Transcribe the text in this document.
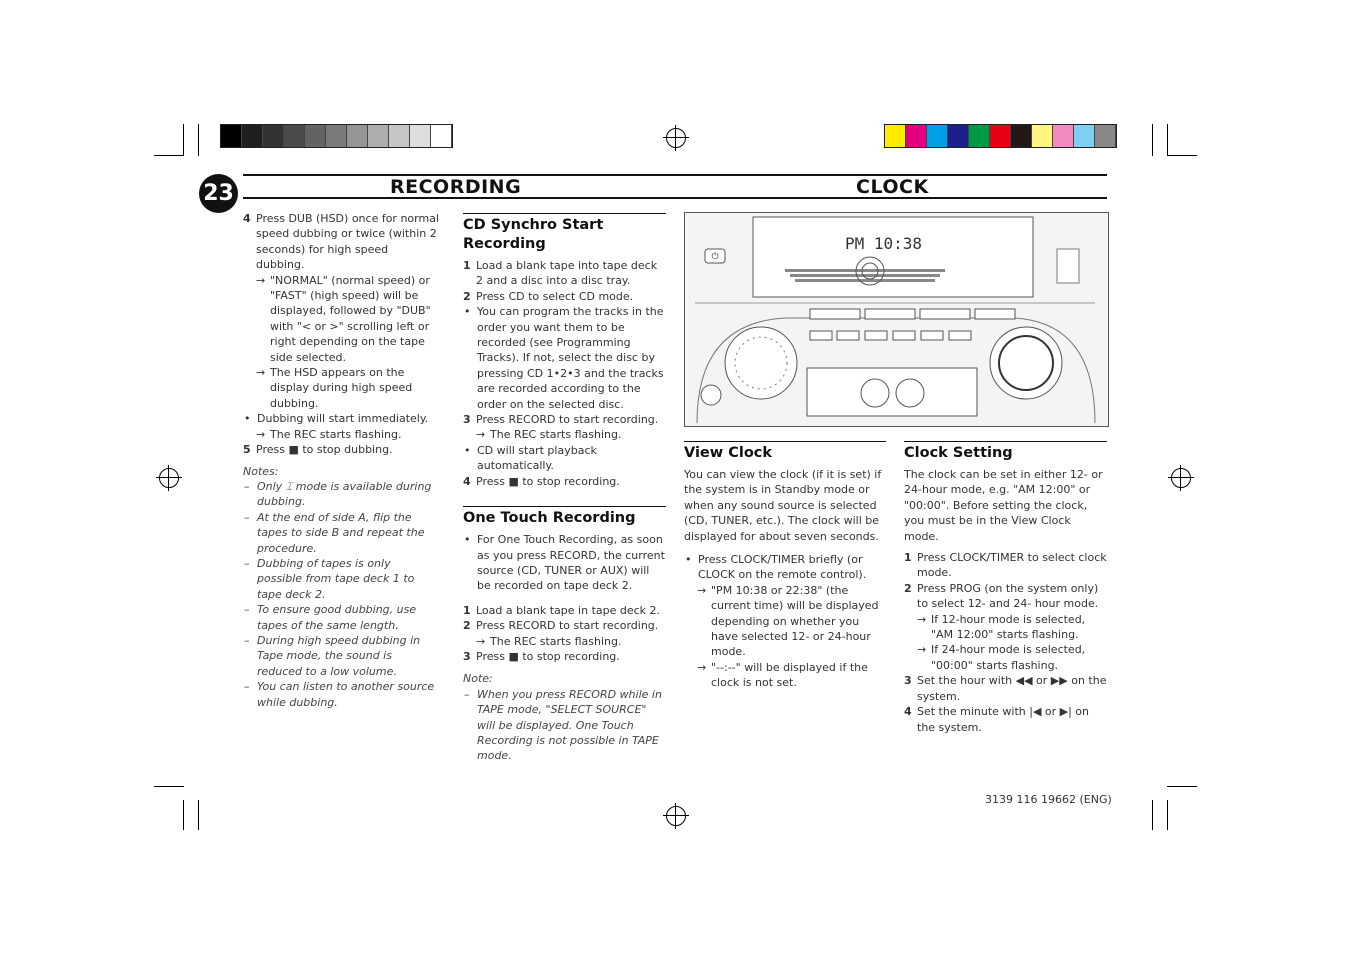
23	RECORDING	CLOCK
4 Press DUB (HSD) once for normal speed dubbing or twice (within 2 seconds) for high speed dubbing.

→ "NORMAL" (normal speed) or "FAST" (high speed) will be displayed, followed by "DUB" with "< or >" scrolling left or right depending on the tape side selected.

→ The HSD appears on the display during high speed dubbing.

• Dubbing will start immediately.

→ The REC starts flashing.

5 Press ■ to stop dubbing.

Notes:

– Only ⌶ mode is available during dubbing.

– At the end of side A, flip the tapes to side B and repeat the procedure.

– Dubbing of tapes is only possible from tape deck 1 to tape deck 2.

– To ensure good dubbing, use tapes of the same length.

– During high speed dubbing in Tape mode, the sound is reduced to a low volume.

– You can listen to another source while dubbing.

CD Synchro Start Recording
1 Load a blank tape into tape deck 2 and a disc into a disc tray.

2 Press CD to select CD mode.

• You can program the tracks in the order you want them to be recorded (see Programming Tracks). If not, select the disc by pressing CD 1•2•3 and the tracks are recorded according to the order on the selected disc.

3 Press RECORD to start recording.

→ The REC starts flashing.

• CD will start playback automatically.

4 Press ■ to stop recording.

One Touch Recording
• For One Touch Recording, as soon as you press RECORD, the current source (CD, TUNER or AUX) will be recorded on tape deck 2.

1 Load a blank tape in tape deck 2.

2 Press RECORD to start recording.

→ The REC starts flashing.

3 Press ■ to stop recording.

Note:

– When you press RECORD while in TAPE mode, "SELECT SOURCE" will be displayed. One Touch Recording is not possible in TAPE mode.

⏻
PM 10:38
View Clock

You can view the clock (if it is set) if the system is in Standby mode or when any sound source is selected (CD, TUNER, etc.). The clock will be displayed for about seven seconds.

• Press CLOCK/TIMER briefly (or CLOCK on the remote control).

→ "PM 10:38 or 22:38" (the current time) will be displayed depending on whether you have selected 12- or 24-hour mode.

→ "--:--" will be displayed if the clock is not set.

Clock Setting

The clock can be set in either 12- or 24-hour mode, e.g. "AM 12:00" or "00:00". Before setting the clock, you must be in the View Clock mode.

1 Press CLOCK/TIMER to select clock mode.

2 Press PROG (on the system only) to select 12- and 24- hour mode.

→ If 12-hour mode is selected, "AM 12:00" starts flashing.

→ If 24-hour mode is selected, "00:00" starts flashing.

3 Set the hour with ◀◀ or ▶▶ on the system.

4 Set the minute with |◀ or ▶| on the system.

3139 116 19662 (ENG)
